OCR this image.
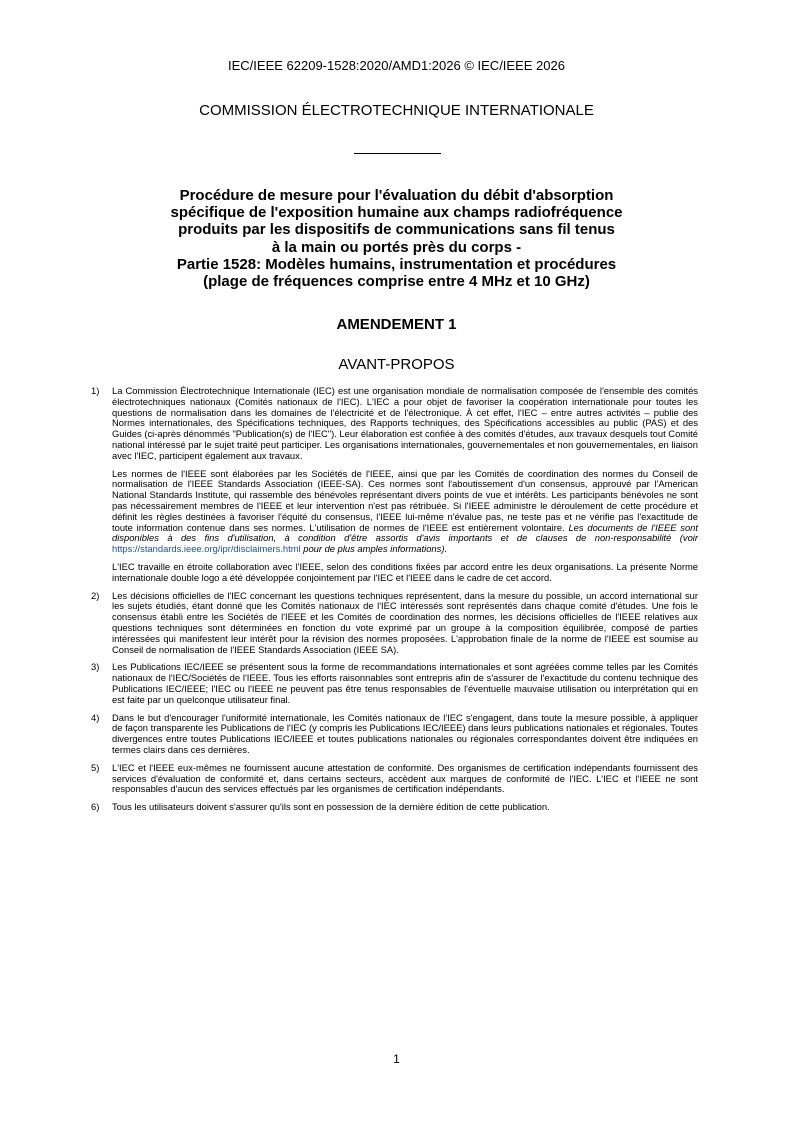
IEC/IEEE 62209-1528:2020/AMD1:2026 © IEC/IEEE 2026
COMMISSION ÉLECTROTECHNIQUE INTERNATIONALE
Procédure de mesure pour l'évaluation du débit d'absorption
spécifique de l'exposition humaine aux champs radiofréquence
produits par les dispositifs de communications sans fil tenus
à la main ou portés près du corps -
Partie 1528: Modèles humains, instrumentation et procédures
(plage de fréquences comprise entre 4 MHz et 10 GHz)
AMENDEMENT 1
AVANT-PROPOS
1) La Commission Électrotechnique Internationale (IEC) est une organisation mondiale de normalisation composée de l'ensemble des comités électrotechniques nationaux (Comités nationaux de l'IEC). L'IEC a pour objet de favoriser la coopération internationale pour toutes les questions de normalisation dans les domaines de l'électricité et de l'électronique. À cet effet, l'IEC – entre autres activités – publie des Normes internationales, des Spécifications techniques, des Rapports techniques, des Spécifications accessibles au public (PAS) et des Guides (ci-après dénommés "Publication(s) de l'IEC"). Leur élaboration est confiée à des comités d'études, aux travaux desquels tout Comité national intéressé par le sujet traité peut participer. Les organisations internationales, gouvernementales et non gouvernementales, en liaison avec l'IEC, participent également aux travaux.

Les normes de l'IEEE sont élaborées par les Sociétés de l'IEEE, ainsi que par les Comités de coordination des normes du Conseil de normalisation de l'IEEE Standards Association (IEEE-SA). Ces normes sont l'aboutissement d'un consensus, approuvé par l'American National Standards Institute, qui rassemble des bénévoles représentant divers points de vue et intérêts. Les participants bénévoles ne sont pas nécessairement membres de l'IEEE et leur intervention n'est pas rétribuée. Si l'IEEE administre le déroulement de cette procédure et définit les règles destinées à favoriser l'équité du consensus, l'IEEE lui-même n'évalue pas, ne teste pas et ne vérifie pas l'exactitude de toute information contenue dans ses normes. L'utilisation de normes de l'IEEE est entièrement volontaire. Les documents de l'IEEE sont disponibles à des fins d'utilisation, à condition d'être assortis d'avis importants et de clauses de non-responsabilité (voir https://standards.ieee.org/ipr/disclaimers.html pour de plus amples informations).

L'IEC travaille en étroite collaboration avec l'IEEE, selon des conditions fixées par accord entre les deux organisations. La présente Norme internationale double logo a été développée conjointement par l'IEC et l'IEEE dans le cadre de cet accord.

2) Les décisions officielles de l'IEC concernant les questions techniques représentent, dans la mesure du possible, un accord international sur les sujets étudiés, étant donné que les Comités nationaux de l'IEC intéressés sont représentés dans chaque comité d'études. Une fois le consensus établi entre les Sociétés de l'IEEE et les Comités de coordination des normes, les décisions officielles de l'IEEE relatives aux questions techniques sont déterminées en fonction du vote exprimé par un groupe à la composition équilibrée, composé de parties intéressées qui manifestent leur intérêt pour la révision des normes proposées. L'approbation finale de la norme de l'IEEE est soumise au Conseil de normalisation de l'IEEE Standards Association (IEEE SA).

3) Les Publications IEC/IEEE se présentent sous la forme de recommandations internationales et sont agréées comme telles par les Comités nationaux de l'IEC/Sociétés de l'IEEE. Tous les efforts raisonnables sont entrepris afin de s'assurer de l'exactitude du contenu technique des Publications IEC/IEEE; l'IEC ou l'IEEE ne peuvent pas être tenus responsables de l'éventuelle mauvaise utilisation ou interprétation qui en est faite par un quelconque utilisateur final.

4) Dans le but d'encourager l'uniformité internationale, les Comités nationaux de l'IEC s'engagent, dans toute la mesure possible, à appliquer de façon transparente les Publications de l'IEC (y compris les Publications IEC/IEEE) dans leurs publications nationales et régionales. Toutes divergences entre toutes Publications IEC/IEEE et toutes publications nationales ou régionales correspondantes doivent être indiquées en termes clairs dans ces dernières.

5) L'IEC et l'IEEE eux-mêmes ne fournissent aucune attestation de conformité. Des organismes de certification indépendants fournissent des services d'évaluation de conformité et, dans certains secteurs, accèdent aux marques de conformité de l'IEC. L'IEC et l'IEEE ne sont responsables d'aucun des services effectués par les organismes de certification indépendants.

6) Tous les utilisateurs doivent s'assurer qu'ils sont en possession de la dernière édition de cette publication.

1
